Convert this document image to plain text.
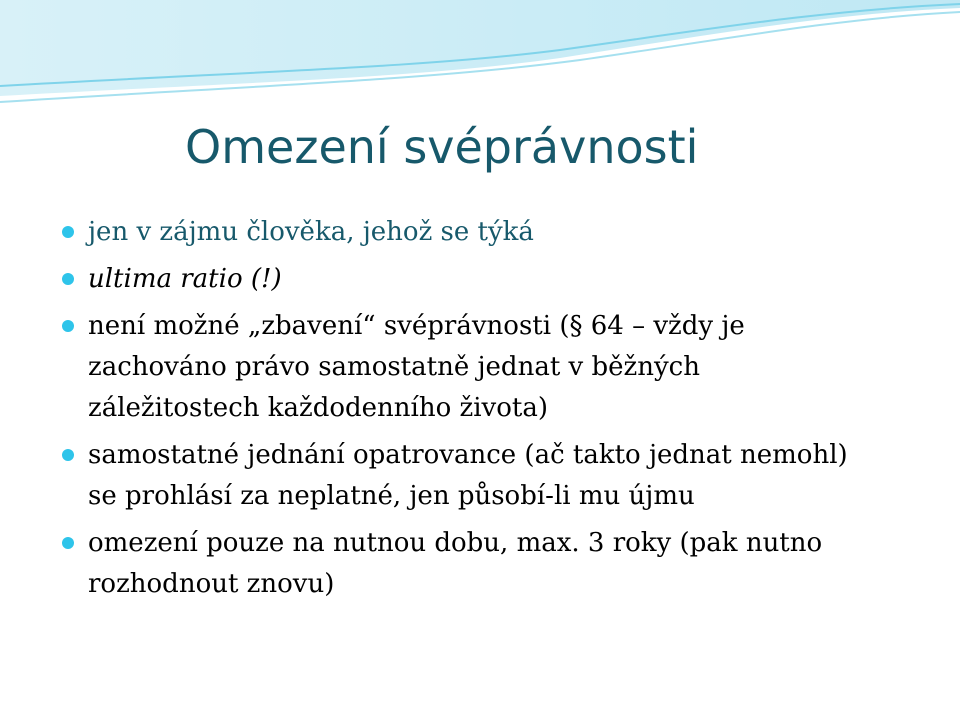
Omezení svéprávnosti
jen v zájmu člověka, jehož se týká
ultima ratio (!)
není možné „zbavení“ svéprávnosti (§ 64 – vždy je zachováno právo samostatně jednat v běžných záležitostech každodenního života)
samostatné jednání opatrovance (ač takto jednat nemohl) se prohlásí za neplatné, jen působí-li mu újmu
omezení pouze na nutnou dobu, max. 3 roky (pak nutno rozhodnout znovu)
